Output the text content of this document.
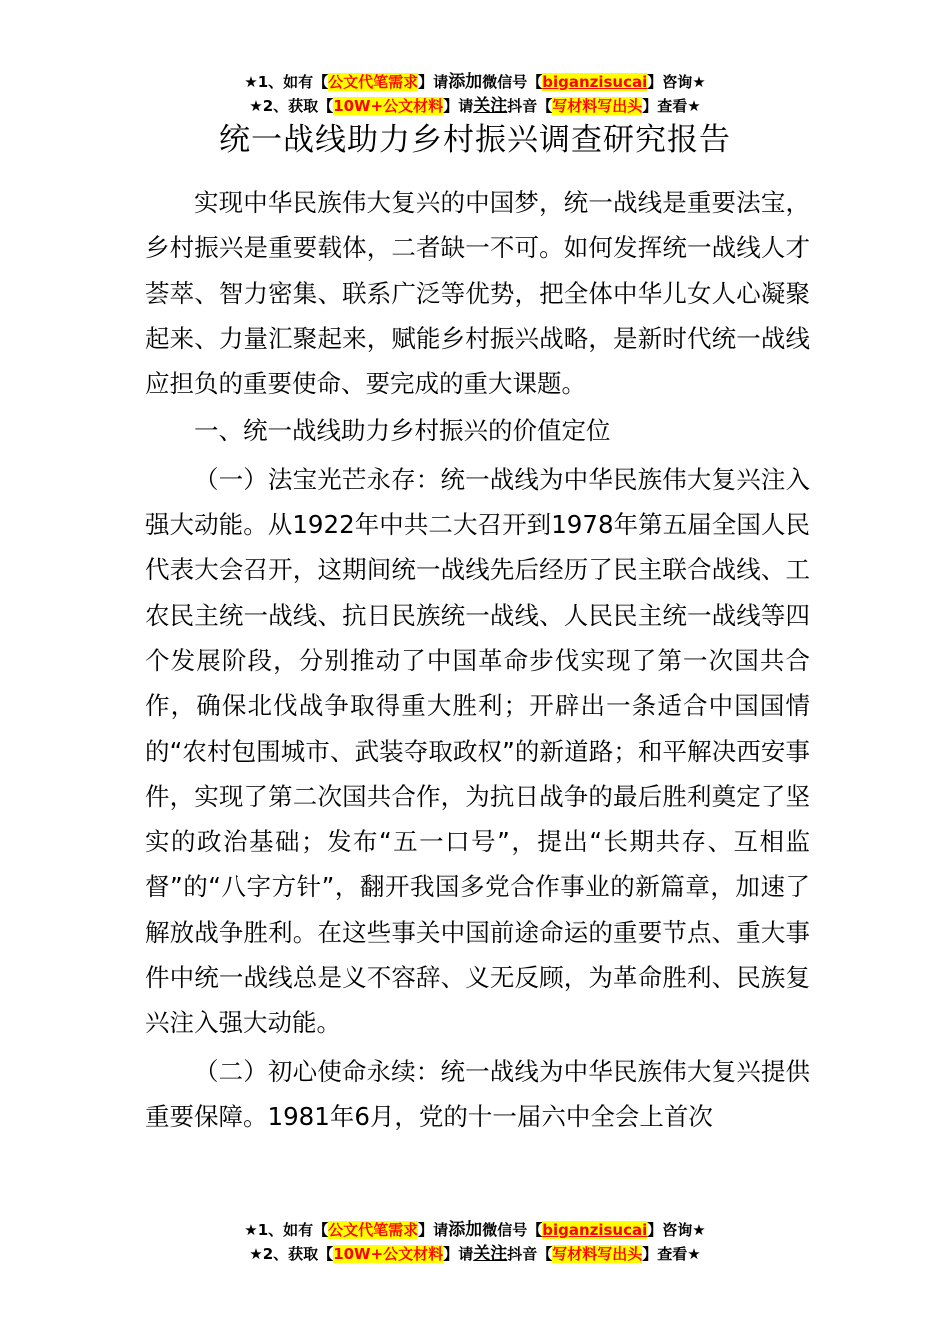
★1、如有【公文代笔需求】请添加微信号【biganzisucai】咨询★
★2、获取【10W+公文材料】请关注抖音【写材料写出头】查看★
统一战线助力乡村振兴调查研究报告

实现中华民族伟大复兴的中国梦，统一战线是重要法宝，乡村振兴是重要载体，二者缺一不可。如何发挥统一战线人才荟萃、智力密集、联系广泛等优势，把全体中华儿女人心凝聚起来、力量汇聚起来，赋能乡村振兴战略，是新时代统一战线应担负的重要使命、要完成的重大课题。

一、统一战线助力乡村振兴的价值定位

（一）法宝光芒永存：统一战线为中华民族伟大复兴注入强大动能。从1922年中共二大召开到1978年第五届全国人民代表大会召开，这期间统一战线先后经历了民主联合战线、工农民主统一战线、抗日民族统一战线、人民民主统一战线等四个发展阶段，分别推动了中国革命步伐实现了第一次国共合作，确保北伐战争取得重大胜利；开辟出一条适合中国国情的“农村包围城市、武装夺取政权”的新道路；和平解决西安事件，实现了第二次国共合作，为抗日战争的最后胜利奠定了坚实的政治基础；发布“五一口号”，提出“长期共存、互相监督”的“八字方针”，翻开我国多党合作事业的新篇章，加速了解放战争胜利。在这些事关中国前途命运的重要节点、重大事件中统一战线总是义不容辞、义无反顾，为革命胜利、民族复兴注入强大动能。

（二）初心使命永续：统一战线为中华民族伟大复兴提供重要保障。1981年6月，党的十一届六中全会上首次

★1、如有【公文代笔需求】请添加微信号【biganzisucai】咨询★
★2、获取【10W+公文材料】请关注抖音【写材料写出头】查看★
